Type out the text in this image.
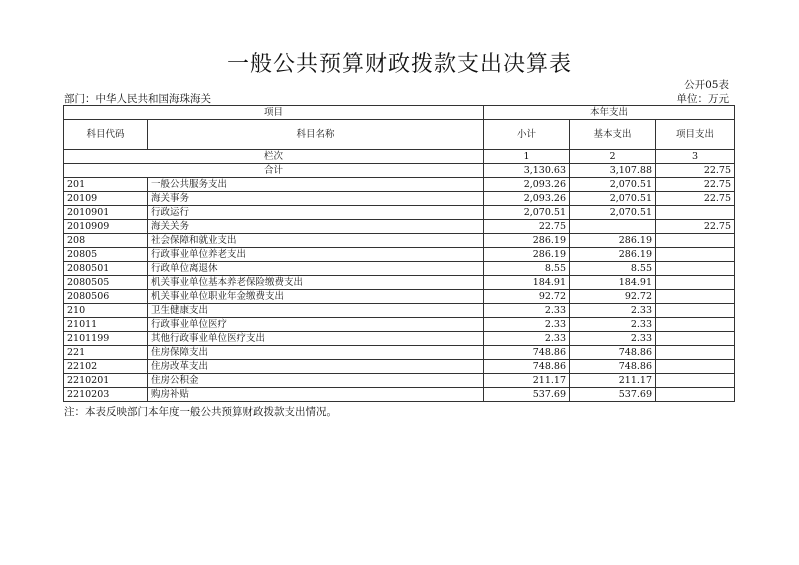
一般公共预算财政拨款支出决算表
公开05表
部门：中华人民共和国海珠海关	单位：万元
项目		本年支出		
科目代码	科目名称	小计	基本支出	项目支出
栏次		1	2	3
合计		3,130.63	3,107.88	22.75
201	一般公共服务支出	2,093.26	2,070.51	22.75
20109	海关事务	2,093.26	2,070.51	22.75
2010901	行政运行	2,070.51	2,070.51	
2010909	海关关务	22.75		22.75
208	社会保障和就业支出	286.19	286.19	
20805	行政事业单位养老支出	286.19	286.19	
2080501	行政单位离退休	8.55	8.55	
2080505	机关事业单位基本养老保险缴费支出	184.91	184.91	
2080506	机关事业单位职业年金缴费支出	92.72	92.72	
210	卫生健康支出	2.33	2.33	
21011	行政事业单位医疗	2.33	2.33	
2101199	其他行政事业单位医疗支出	2.33	2.33	
221	住房保障支出	748.86	748.86	
22102	住房改革支出	748.86	748.86	
2210201	住房公积金	211.17	211.17	
2210203	购房补贴	537.69	537.69	
注：本表反映部门本年度一般公共预算财政拨款支出情况。
